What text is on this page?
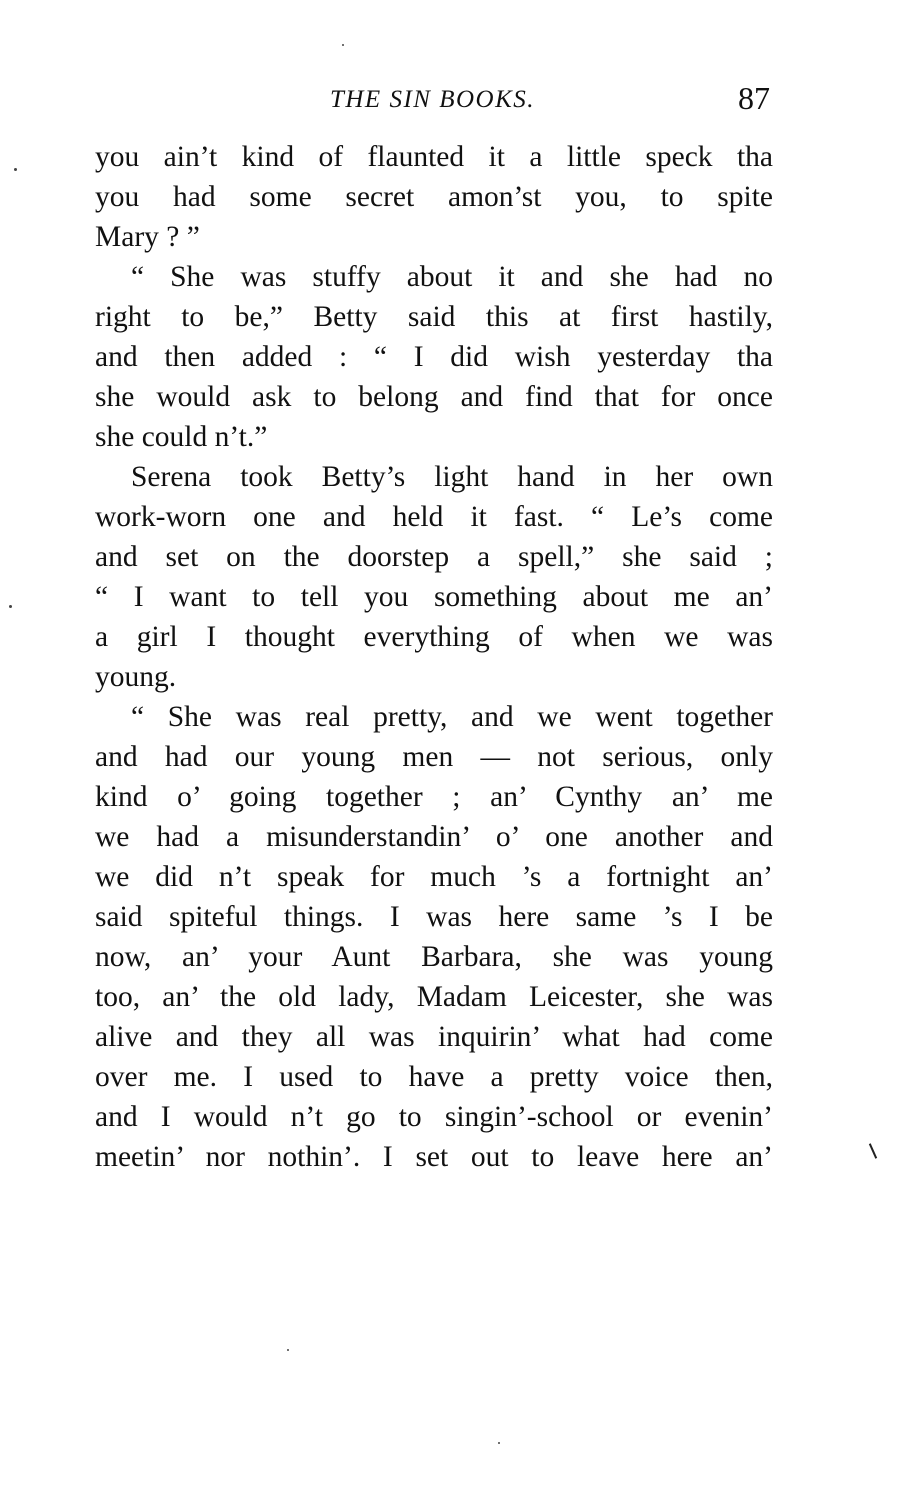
THE SIN BOOKS.	87
you ain’t kind of flaunted it a little speck tha
you had some secret amon’st you, to spite
Mary ? ”
“ She was stuffy about it and she had no
right to be,” Betty said this at first hastily,
and then added : “ I did wish yesterday tha
she would ask to belong and find that for once
she could n’t.”
Serena took Betty’s light hand in her own
work-worn one and held it fast. “ Le’s come
and set on the doorstep a spell,” she said ;
“ I want to tell you something about me an’
a girl I thought everything of when we was
young.
“ She was real pretty, and we went together
and had our young men — not serious, only
kind o’ going together ; an’ Cynthy an’ me
we had a misunderstandin’ o’ one another and
we did n’t speak for much ’s a fortnight an’
said spiteful things. I was here same ’s I be
now, an’ your Aunt Barbara, she was young
too, an’ the old lady, Madam Leicester, she was
alive and they all was inquirin’ what had come
over me. I used to have a pretty voice then,
and I would n’t go to singin’-school or evenin’
meetin’ nor nothin’. I set out to leave here an’
